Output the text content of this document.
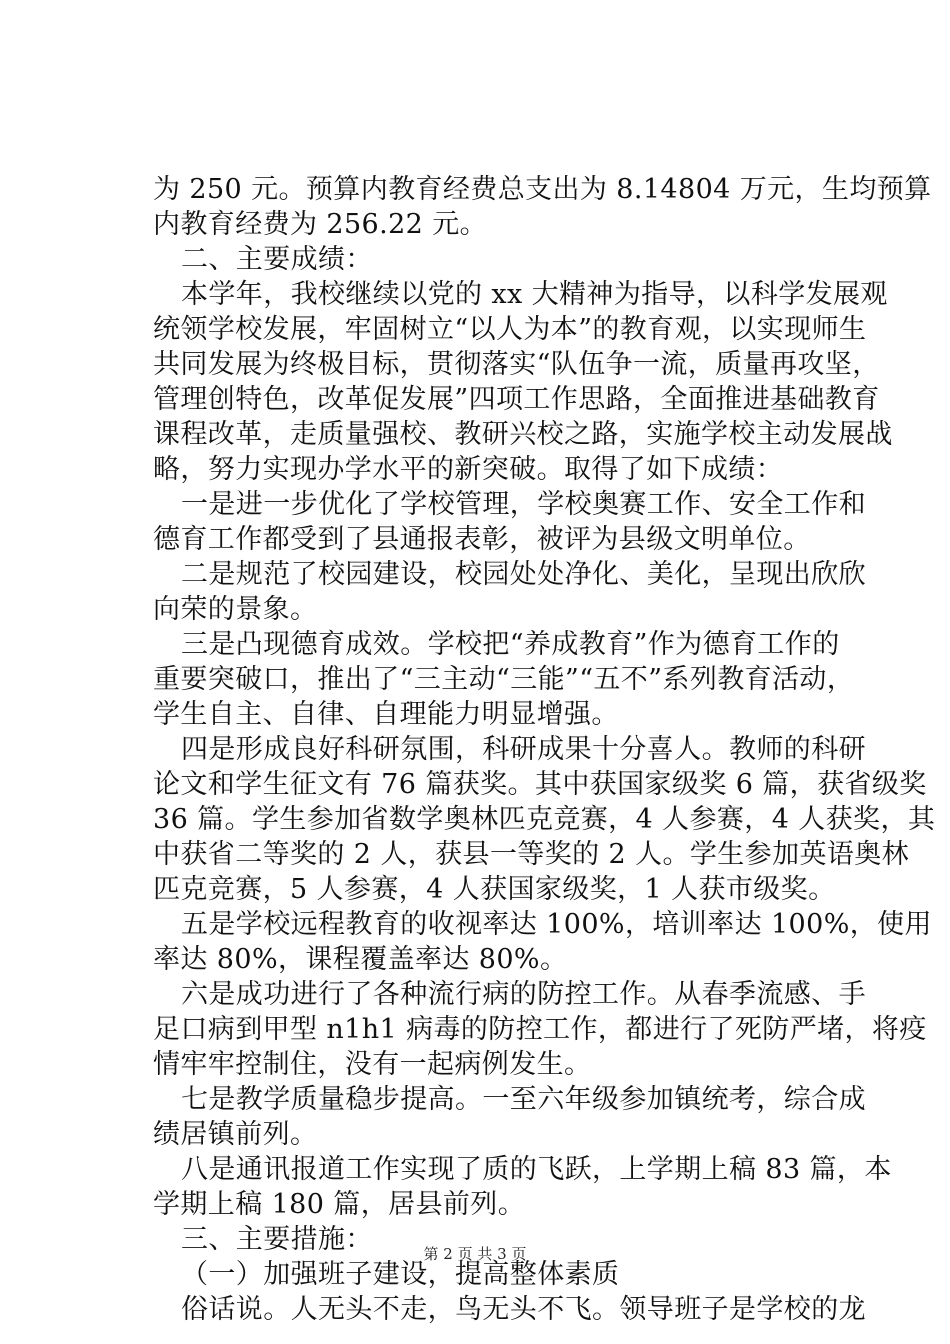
为 250 元。预算内教育经费总支出为 8.14804 万元，生均预算
内教育经费为 256.22 元。
二、主要成绩：
本学年，我校继续以党的 xx 大精神为指导，以科学发展观
统领学校发展，牢固树立“以人为本”的教育观，以实现师生
共同发展为终极目标，贯彻落实“队伍争一流，质量再攻坚，
管理创特色，改革促发展”四项工作思路，全面推进基础教育
课程改革，走质量强校、教研兴校之路，实施学校主动发展战
略，努力实现办学水平的新突破。取得了如下成绩：
一是进一步优化了学校管理，学校奥赛工作、安全工作和
德育工作都受到了县通报表彰，被评为县级文明单位。
二是规范了校园建设，校园处处净化、美化，呈现出欣欣
向荣的景象。
三是凸现德育成效。学校把“养成教育”作为德育工作的
重要突破口，推出了“三主动“三能”“五不”系列教育活动，
学生自主、自律、自理能力明显增强。
四是形成良好科研氛围，科研成果十分喜人。教师的科研
论文和学生征文有 76 篇获奖。其中获国家级奖 6 篇，获省级奖
36 篇。学生参加省数学奥林匹克竞赛，4 人参赛，4 人获奖，其
中获省二等奖的 2 人，获县一等奖的 2 人。学生参加英语奥林
匹克竞赛，5 人参赛，4 人获国家级奖，1 人获市级奖。
五是学校远程教育的收视率达 100%，培训率达 100%，使用
率达 80%，课程覆盖率达 80%。
六是成功进行了各种流行病的防控工作。从春季流感、手
足口病到甲型 n1h1 病毒的防控工作，都进行了死防严堵，将疫
情牢牢控制住，没有一起病例发生。
七是教学质量稳步提高。一至六年级参加镇统考，综合成
绩居镇前列。
八是通讯报道工作实现了质的飞跃，上学期上稿 83 篇，本
学期上稿 180 篇，居县前列。
三、主要措施：
（一）加强班子建设，提高整体素质
俗话说。人无头不走，鸟无头不飞。领导班子是学校的龙
第 2 页 共 3 页
